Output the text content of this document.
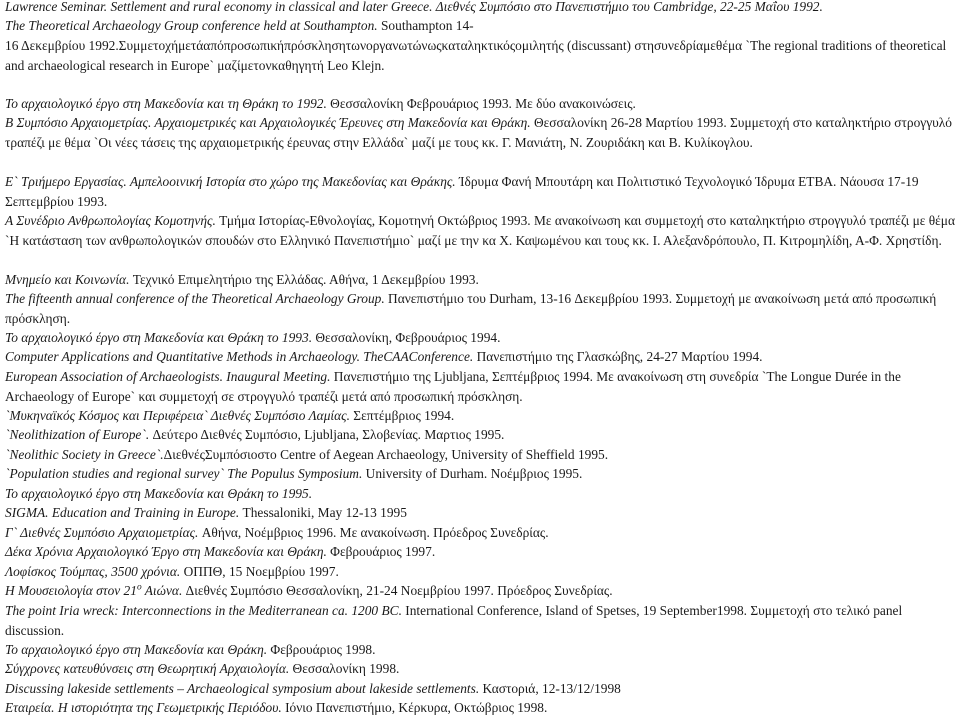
Lawrence Seminar. Settlement and rural economy in classical and later Greece. Διεθνές Συμπόσιο στο Πανεπιστήμιο του Cambridge, 22-25 Μαΐου 1992.

The Theoretical Archaeology Group conference held at Southampton. Southampton 14-

16 Δεκεμβρίου 1992.Συμμετοχήμετάαπόπροσωπικήπρόσκλησητωνοργανωτώνωςκαταληκτικόςομιλητής (discussant) στησυνεδρίαμεθέμα `The regional traditions of theoretical and archaeological research in Europe` μαζίμετονκαθηγητή Leo Klejn.

Το αρχαιολογικό έργο στη Μακεδονία και τη Θράκη το 1992. Θεσσαλονίκη Φεβρουάριος 1993. Με δύο ανακοινώσεις.

Β Συμπόσιο Αρχαιομετρίας. Αρχαιομετρικές και Αρχαιολογικές Έρευνες στη Μακεδονία και Θράκη. Θεσσαλονίκη 26-28 Μαρτίου 1993. Συμμετοχή στο καταληκτήριο στρογγυλό τραπέζι με θέμα `Οι νέες τάσεις της αρχαιομετρικής έρευνας στην Ελλάδα` μαζί με τους κκ. Γ. Μανιάτη, Ν. Ζουριδάκη και Β. Κυλίκογλου.

Ε` Τριήμερο Εργασίας. Αμπελοοινική Ιστορία στο χώρο της Μακεδονίας και Θράκης. Ίδρυμα Φανή Μπουτάρη και Πολιτιστικό Τεχνολογικό Ίδρυμα ΕΤΒΑ. Νάουσα 17-19 Σεπτεμβρίου 1993.

Α Συνέδριο Ανθρωπολογίας Κομοτηνής. Τμήμα Ιστορίας-Εθνολογίας, Κομοτηνή Οκτώβριος 1993. Με ανακοίνωση και συμμετοχή στο καταληκτήριο στρογγυλό τραπέζι με θέμα `Η κατάσταση των ανθρωπολογικών σπουδών στο Ελληνικό Πανεπιστήμιο` μαζί με την κα Χ. Καψωμένου και τους κκ. Ι. Αλεξανδρόπουλο, Π. Κιτρομηλίδη, Α-Φ. Χρηστίδη.

Μνημείο και Κοινωνία. Τεχνικό Επιμελητήριο της Ελλάδας. Αθήνα, 1 Δεκεμβρίου 1993.

The fifteenth annual conference of the Theoretical Archaeology Group. Πανεπιστήμιο του Durham, 13-16 Δεκεμβρίου 1993. Συμμετοχή με ανακοίνωση μετά από προσωπική πρόσκληση.

Το αρχαιολογικό έργο στη Μακεδονία και Θράκη το 1993. Θεσσαλονίκη, Φεβρουάριος 1994.

Computer Applications and Quantitative Methods in Archaeology. TheCAAConference. Πανεπιστήμιο της Γλασκώβης, 24-27 Μαρτίου 1994.

European Association of Archaeologists. Inaugural Meeting. Πανεπιστήμιο της Ljubljana, Σεπτέμβριος 1994. Με ανακοίνωση στη συνεδρία `The Longue Durée in the Archaeology of Europe` και συμμετοχή σε στρογγυλό τραπέζι μετά από προσωπική πρόσκληση.

`Μυκηναϊκός Κόσμος και Περιφέρεια` Διεθνές Συμπόσιο Λαμίας. Σεπτέμβριος 1994.

`Neolithization of Europe`. Δεύτερο Διεθνές Συμπόσιο, Ljubljana, Σλοβενίας. Μαρτιος 1995.

`Neolithic Society in Greece`.ΔιεθνέςΣυμπόσιοστο Centre of Aegean Archaeology, University of Sheffield 1995.

`Population studies and regional survey` The Populus Symposium. University of Durham. Νοέμβριος 1995.

Το αρχαιολογικό έργο στη Μακεδονία και Θράκη το 1995.

SIGMA. Education and Training in Europe. Thessaloniki, May 12-13 1995

Γ` Διεθνές Συμπόσιο Αρχαιομετρίας. Αθήνα, Νοέμβριος 1996. Με ανακοίνωση. Πρόεδρος Συνεδρίας.

Δέκα Χρόνια Αρχαιολογικό Έργο στη Μακεδονία και Θράκη. Φεβρουάριος 1997.

Λοφίσκος Τούμπας, 3500 χρόνια. ΟΠΠΘ, 15 Νοεμβρίου 1997.

Η Μουσειολογία στον $21^o$ Αιώνα. Διεθνές Συμπόσιο Θεσσαλονίκη, 21-24 Νοεμβρίου 1997. Πρόεδρος Συνεδρίας.

The point Iria wreck: Interconnections in the Mediterranean ca. 1200 BC. International Conference, Island of Spetses, 19 September1998. Συμμετοχή στο τελικό panel discussion.

Το αρχαιολογικό έργο στη Μακεδονία και Θράκη. Φεβρουάριος 1998.

Σύγχρονες κατευθύνσεις στη Θεωρητική Αρχαιολογία. Θεσσαλονίκη 1998.

Discussing lakeside settlements – Archaeological symposium about lakeside settlements. Καστοριά, 12-13/12/1998

Εταιρεία. Η ιστοριότητα της Γεωμετρικής Περιόδου. Ιόνιο Πανεπιστήμιο, Κέρκυρα, Οκτώβριος 1998.
